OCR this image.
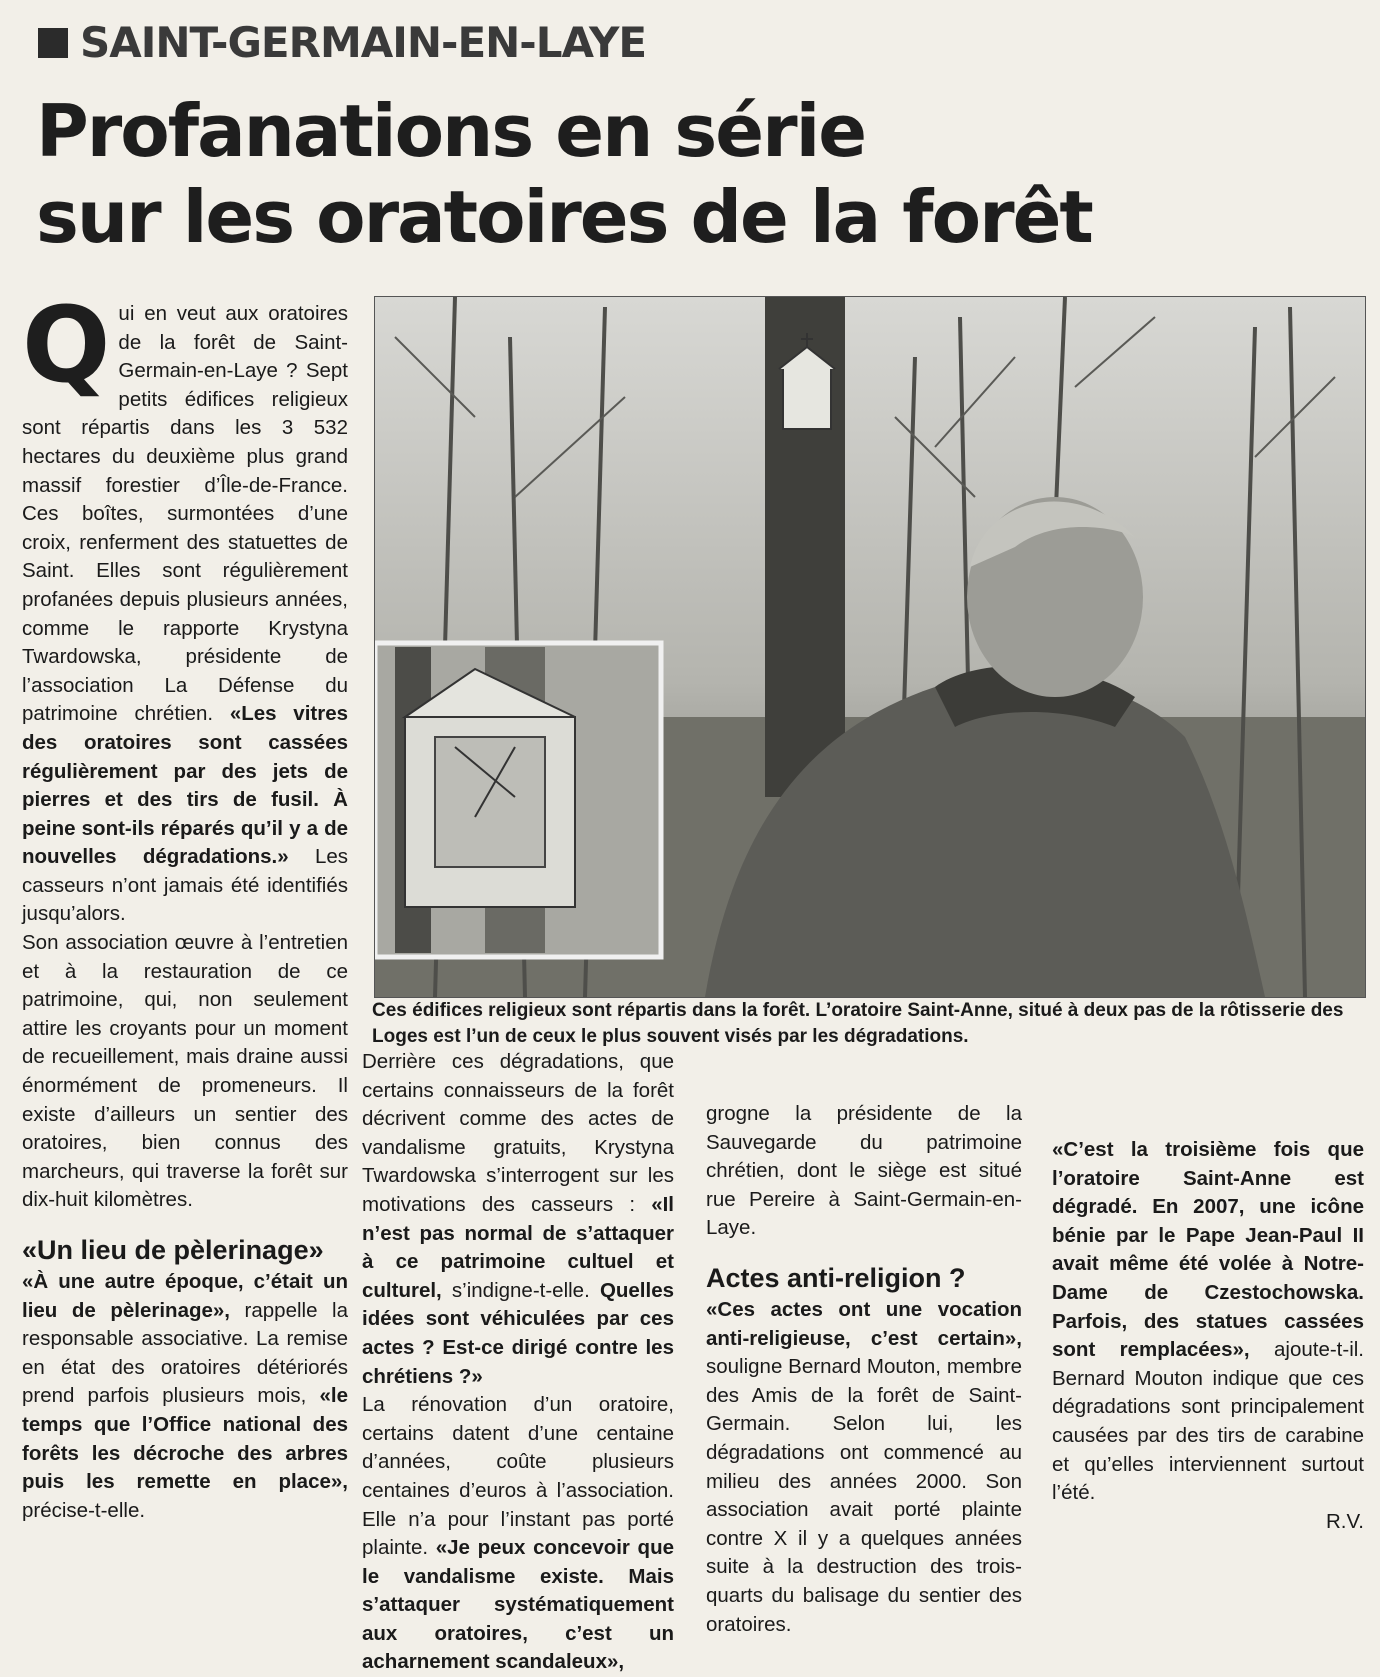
SAINT-GERMAIN-EN-LAYE
Profanations en série
sur les oratoires de la forêt
Ces édifices religieux sont répartis dans la forêt. L’oratoire Saint-Anne, situé à deux pas de la rôtisserie des Loges est l’un de ceux le plus souvent visés par les dégradations.

Qui en veut aux oratoires de la forêt de Saint-Germain-en-Laye ? Sept petits édifices religieux sont répartis dans les 3 532 hectares du deuxième plus grand massif forestier d’Île-de-France. Ces boîtes, surmontées d’une croix, renferment des statuettes de Saint. Elles sont régulièrement profanées depuis plusieurs années, comme le rapporte Krystyna Twardowska, présidente de l’association La Défense du patrimoine chrétien. «Les vitres des oratoires sont cassées régulièrement par des jets de pierres et des tirs de fusil. À peine sont-ils réparés qu’il y a de nouvelles dégradations.» Les casseurs n’ont jamais été identifiés jusqu’alors.

Son association œuvre à l’entretien et à la restauration de ce patrimoine, qui, non seulement attire les croyants pour un moment de recueillement, mais draine aussi énormément de promeneurs. Il existe d’ailleurs un sentier des oratoires, bien connus des marcheurs, qui traverse la forêt sur dix-huit kilomètres.

«Un lieu de pèlerinage»

«À une autre époque, c’était un lieu de pèlerinage», rappelle la responsable associative. La remise en état des oratoires détériorés prend parfois plusieurs mois, «le temps que l’Office national des forêts les décroche des arbres puis les remette en place», précise-t-elle.

Derrière ces dégradations, que certains connaisseurs de la forêt décrivent comme des actes de vandalisme gratuits, Krystyna Twardowska s’interrogent sur les motivations des casseurs : «Il n’est pas normal de s’attaquer à ce patrimoine cultuel et culturel, s’indigne-t-elle. Quelles idées sont véhiculées par ces actes ? Est-ce dirigé contre les chrétiens ?»

La rénovation d’un oratoire, certains datent d’une centaine d’années, coûte plusieurs centaines d’euros à l’association. Elle n’a pour l’instant pas porté plainte. «Je peux concevoir que le vandalisme existe. Mais s’attaquer systématiquement aux oratoires, c’est un acharnement scandaleux»,

grogne la présidente de la Sauvegarde du patrimoine chrétien, dont le siège est situé rue Pereire à Saint-Germain-en-Laye.

Actes anti-religion ?

«Ces actes ont une vocation anti-religieuse, c’est certain», souligne Bernard Mouton, membre des Amis de la forêt de Saint-Germain. Selon lui, les dégradations ont commencé au milieu des années 2000. Son association avait porté plainte contre X il y a quelques années suite à la destruction des trois-quarts du balisage du sentier des oratoires.

«C’est la troisième fois que l’oratoire Saint-Anne est dégradé. En 2007, une icône bénie par le Pape Jean-Paul II avait même été volée à Notre-Dame de Czestochowska. Parfois, des statues cassées sont remplacées», ajoute-t-il. Bernard Mouton indique que ces dégradations sont principalement causées par des tirs de carabine et qu’elles interviennent surtout l’été.

R.V.
